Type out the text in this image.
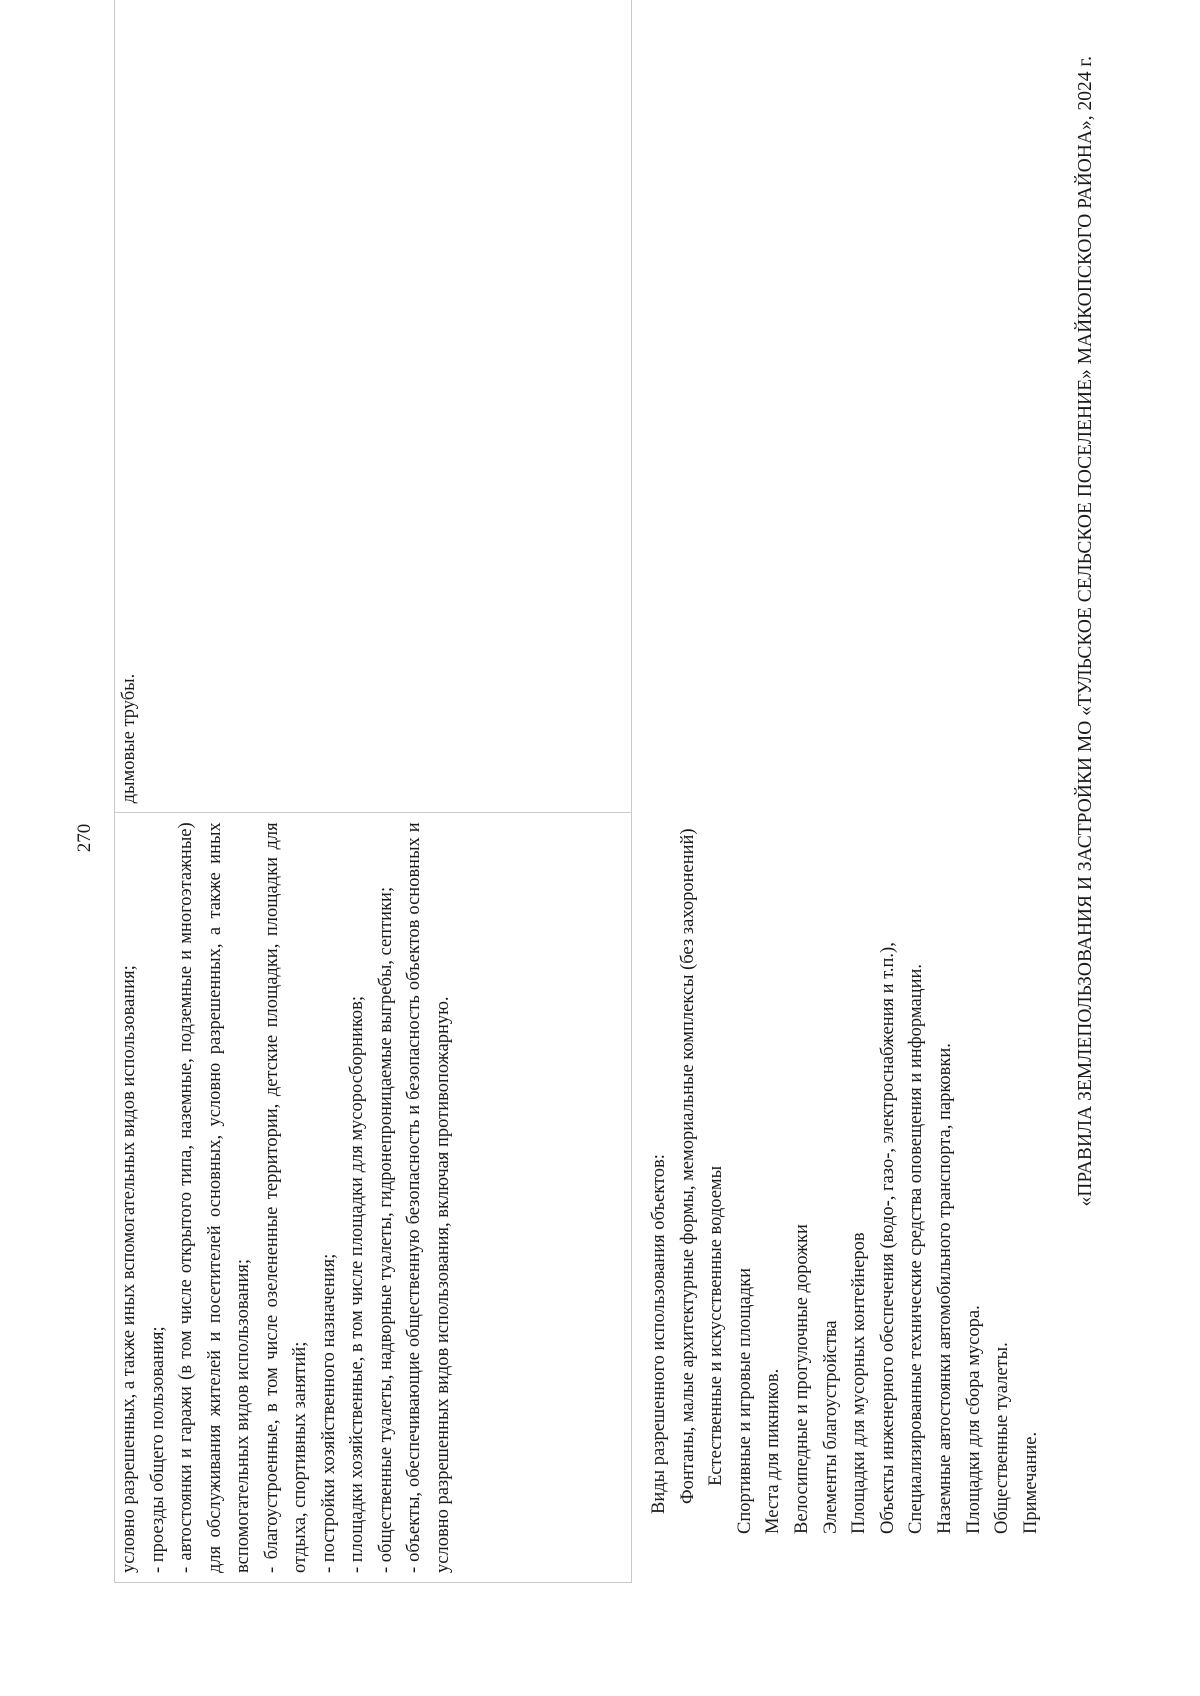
270

условно разрешенных, а также иных вспомогательных видов использования; - проезды общего пользования; - автостоянки и гаражи (в том числе открытого типа, наземные, подземные и многоэтажные) для обслуживания жителей и посетителей основных, условно разрешенных, а также иных вспомогательных видов использования; - благоустроенные, в том числе озелененные территории, детские площадки, площадки для отдыха, спортивных занятий; - постройки хозяйственного назначения; - площадки хозяйственные, в том числе площадки для мусоросборников; - общественные туалеты, надворные туалеты, гидронепроницаемые выгребы, септики; - объекты, обеспечивающие общественную безопасность и безопасность объектов основных и условно разрешенных видов использования, включая противопожарную.

дымовые трубы.

Виды разрешенного использования объектов: Фонтаны, малые архитектурные формы, мемориальные комплексы (без захоронений) Естественные и искусственные водоемы Спортивные и игровые площадки Места для пикников. Велосипедные и прогулочные дорожки Элементы благоустройства Площадки для мусорных контейнеров Объекты инженерного обеспечения (водо-, газо-, электроснабжения и т.п.), Специализированные технические средства оповещения и информации. Наземные автостоянки автомобильного транспорта, парковки. Площадки для сбора мусора. Общественные туалеты. Примечание.
«ПРАВИЛА ЗЕМЛЕПОЛЬЗОВАНИЯ И ЗАСТРОЙКИ МО «ТУЛЬСКОЕ СЕЛЬСКОЕ ПОСЕЛЕНИЕ» МАЙКОПСКОГО РАЙОНА», 2024 г.
